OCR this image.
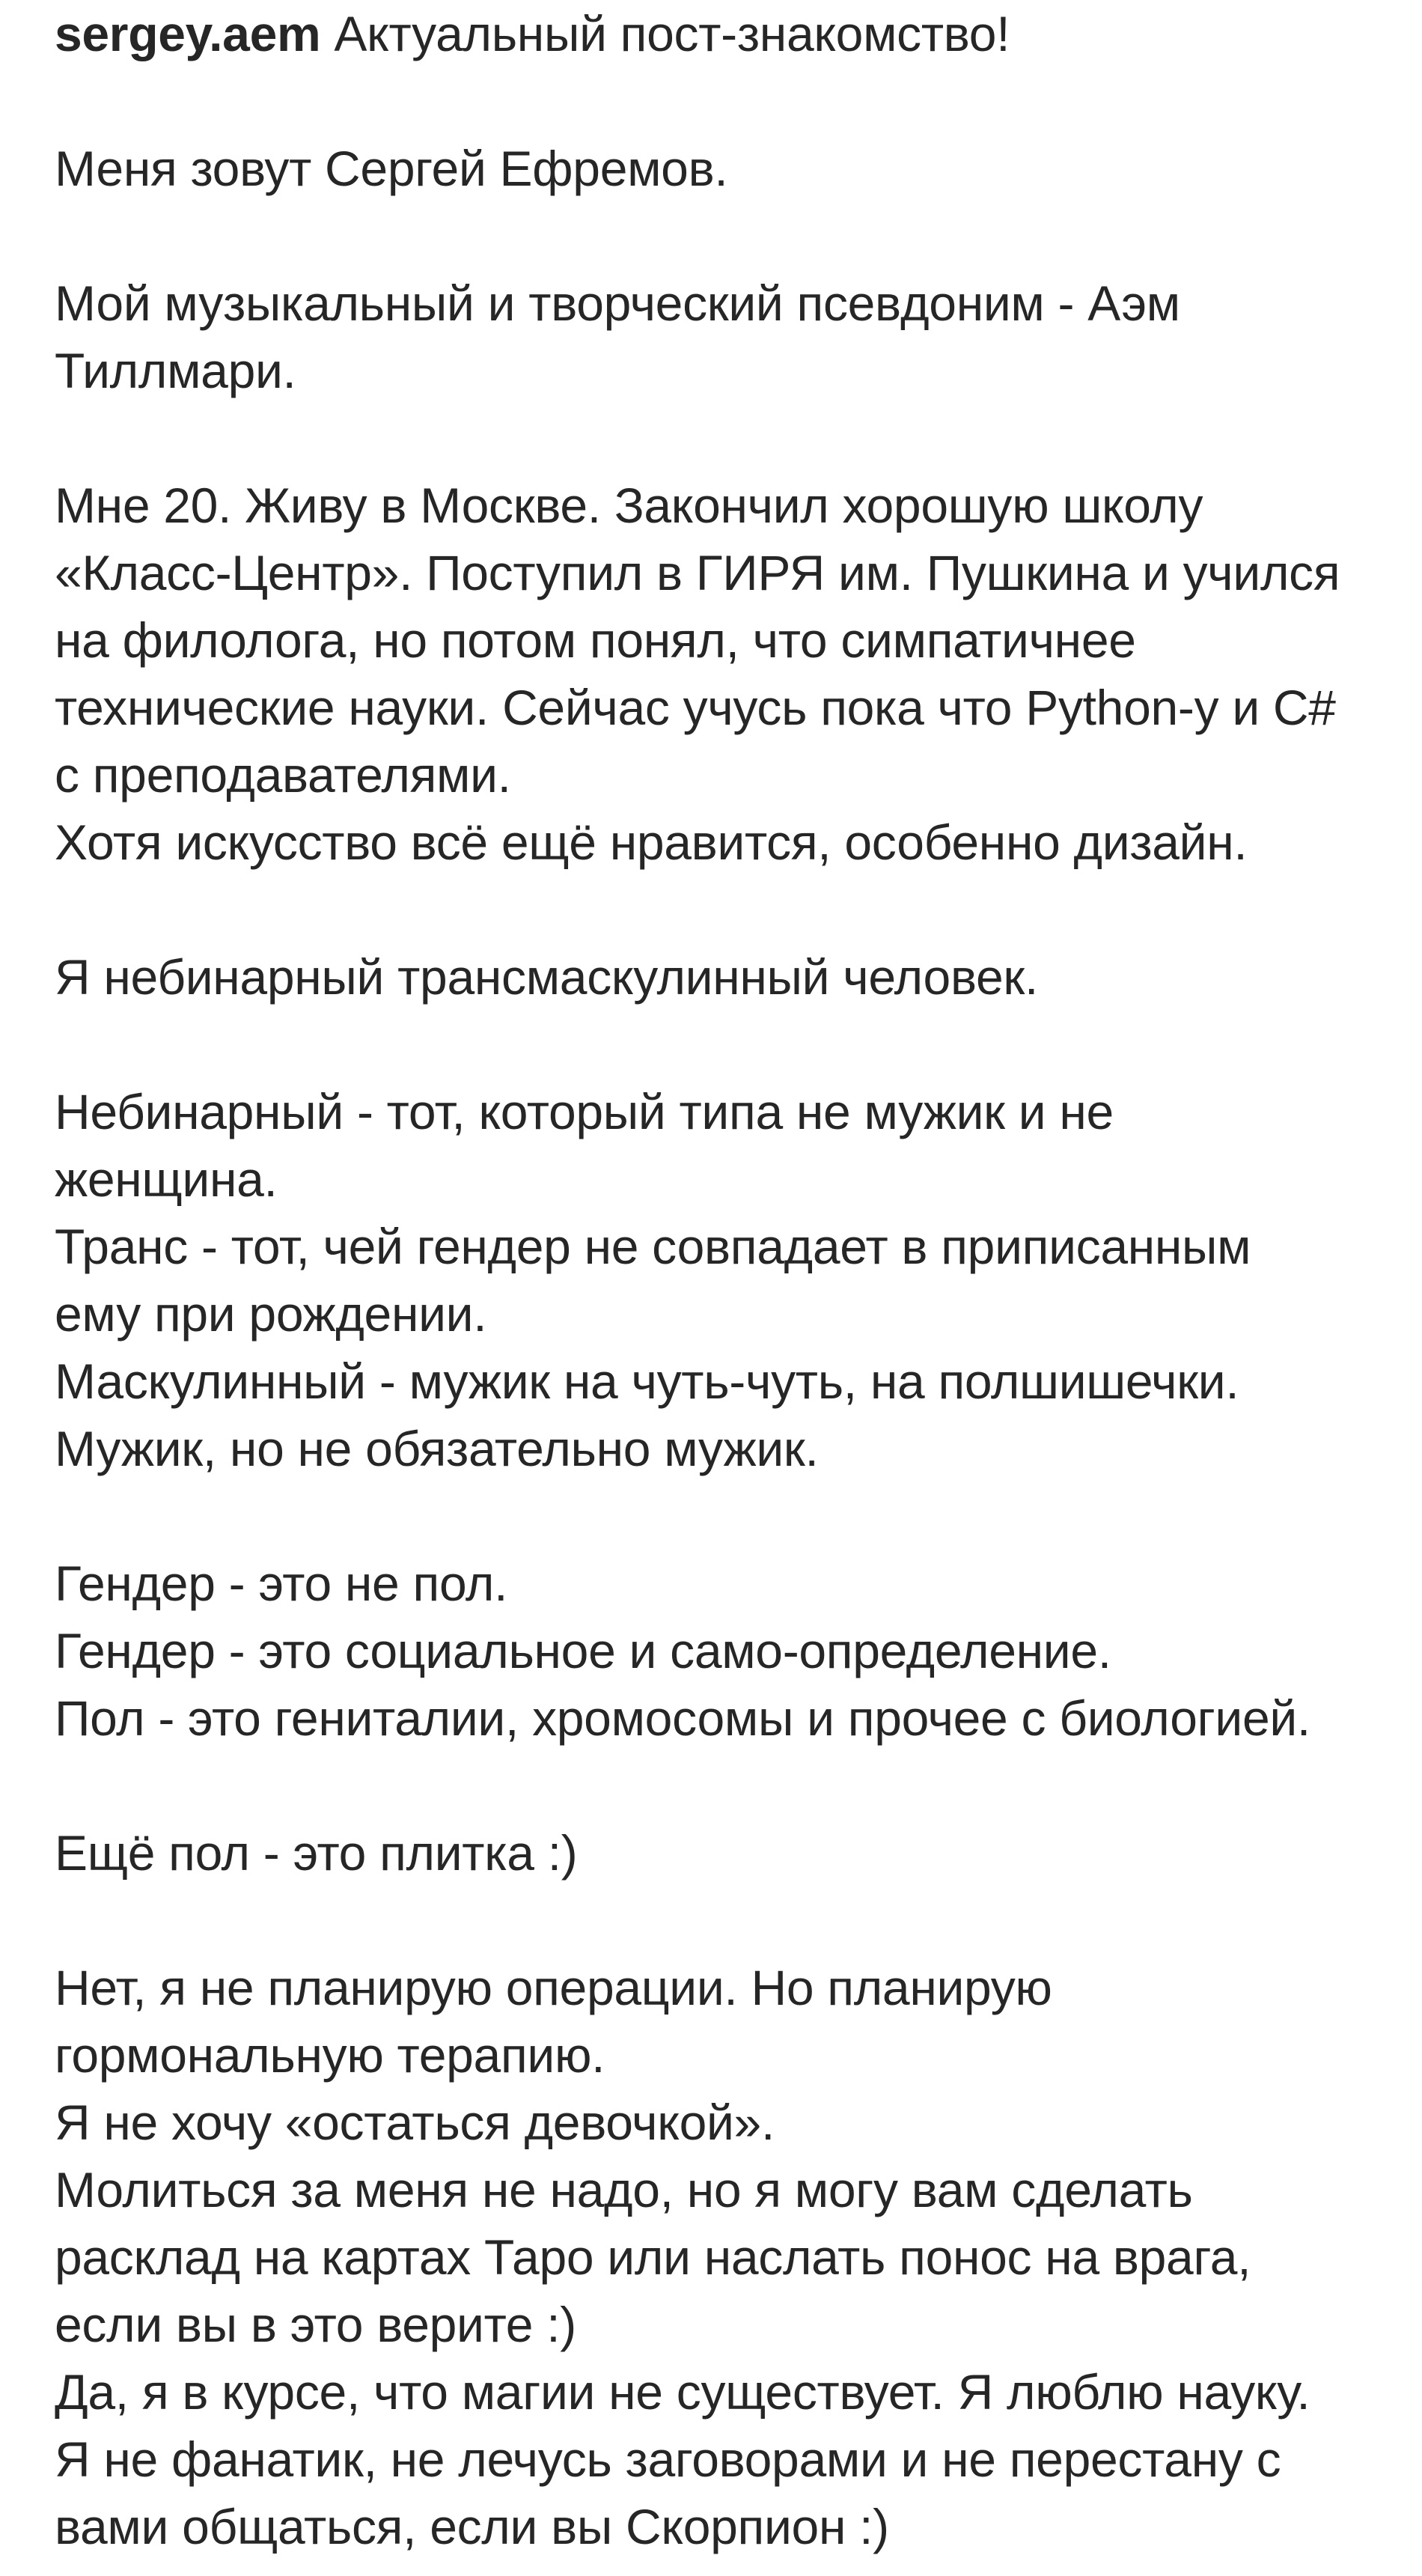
sergey.aem Актуальный пост-знакомство!
Меня зовут Сергей Ефремов.
Мой музыкальный и творческий псевдоним - Аэм
Тиллмари.
Мне 20. Живу в Москве. Закончил хорошую школу
«Класс-Центр». Поступил в ГИРЯ им. Пушкина и учился
на филолога, но потом понял, что симпатичнее
технические науки. Сейчас учусь пока что Python-у и C#
с преподавателями.
Хотя искусство всё ещё нравится, особенно дизайн.
Я небинарный трансмаскулинный человек.
Небинарный - тот, который типа не мужик и не
женщина.
Транс - тот, чей гендер не совпадает в приписанным
ему при рождении.
Маскулинный - мужик на чуть-чуть, на полшишечки.
Мужик, но не обязательно мужик.
Гендер - это не пол.
Гендер - это социальное и само-определение.
Пол - это гениталии, хромосомы и прочее с биологией.
Ещё пол - это плитка :)
Нет, я не планирую операции. Но планирую
гормональную терапию.
Я не хочу «остаться девочкой».
Молиться за меня не надо, но я могу вам сделать
расклад на картах Таро или наслать понос на врага,
если вы в это верите :)
Да, я в курсе, что магии не существует. Я люблю науку.
Я не фанатик, не лечусь заговорами и не перестану с
вами общаться, если вы Скорпион :)
